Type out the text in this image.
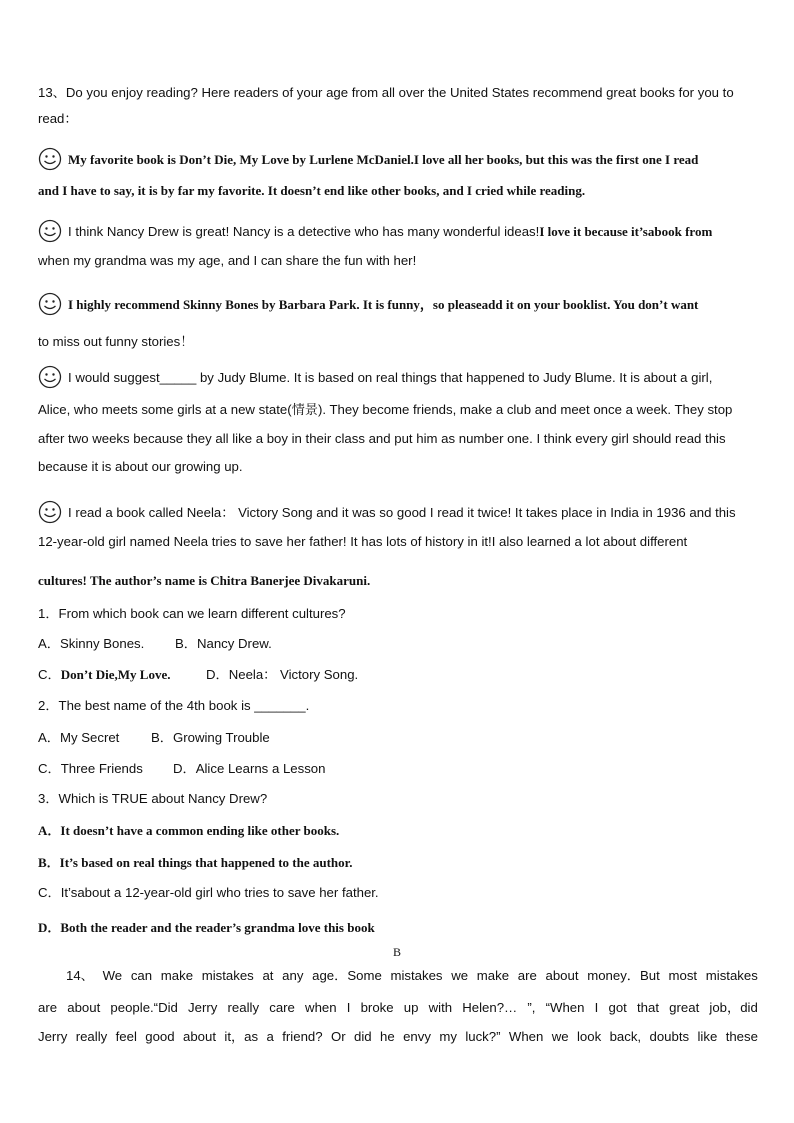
13、Do you enjoy reading? Here readers of your age from all over the United States recommend great books for you to
read：
My favorite book is Don’t Die, My Love by Lurlene McDaniel.I love all her books, but this was the first one I read
and I have to say, it is by far my favorite. It doesn’t end like other books, and I cried while reading.
I think Nancy Drew is great! Nancy is a detective who has many wonderful ideas!I love it because it’sabook from
when my grandma was my age, and I can share the fun with her!
I highly recommend Skinny Bones by Barbara Park. It is funny，so pleaseadd it on your booklist. You don’t want
to miss out funny stories！
I would suggest_____ by Judy Blume. It is based on real things that happened to Judy Blume. It is about a girl,
Alice, who meets some girls at a new state(情景). They become friends, make a club and meet once a week. They stop
after two weeks because they all like a boy in their class and put him as number one. I think every girl should read this
because it is about our growing up.
I read a book called Neela： Victory Song and it was so good I read it twice! It takes place in India in 1936 and this
12-year-old girl named Neela tries to save her father! It has lots of history in it!I also learned a lot about different
cultures! The author’s name is Chitra Banerjee Divakaruni.
1．From which book can we learn different cultures?
A．Skinny Bones. B．Nancy Drew.
C．Don’t Die,My Love.	D．Neela： Victory Song.
2．The best name of the 4th book is _______.
A．My Secret B．Growing Trouble
C．Three Friends D．Alice Learns a Lesson
3．Which is TRUE about Nancy Drew?
A．It doesn’t have a common ending like other books.
B．It’s based on real things that happened to the author.
C．It’sabout a 12-year-old girl who tries to save her father.
D．Both the reader and the reader’s grandma love this book
B
14、 We can make mistakes at any age．Some mistakes we make are about money．But most mistakes
are about people.“Did Jerry really care when I broke up with Helen?… ”, “When I got that great job，did
Jerry really feel good about it，as a friend? Or did he envy my luck?” When we look back, doubts like these
